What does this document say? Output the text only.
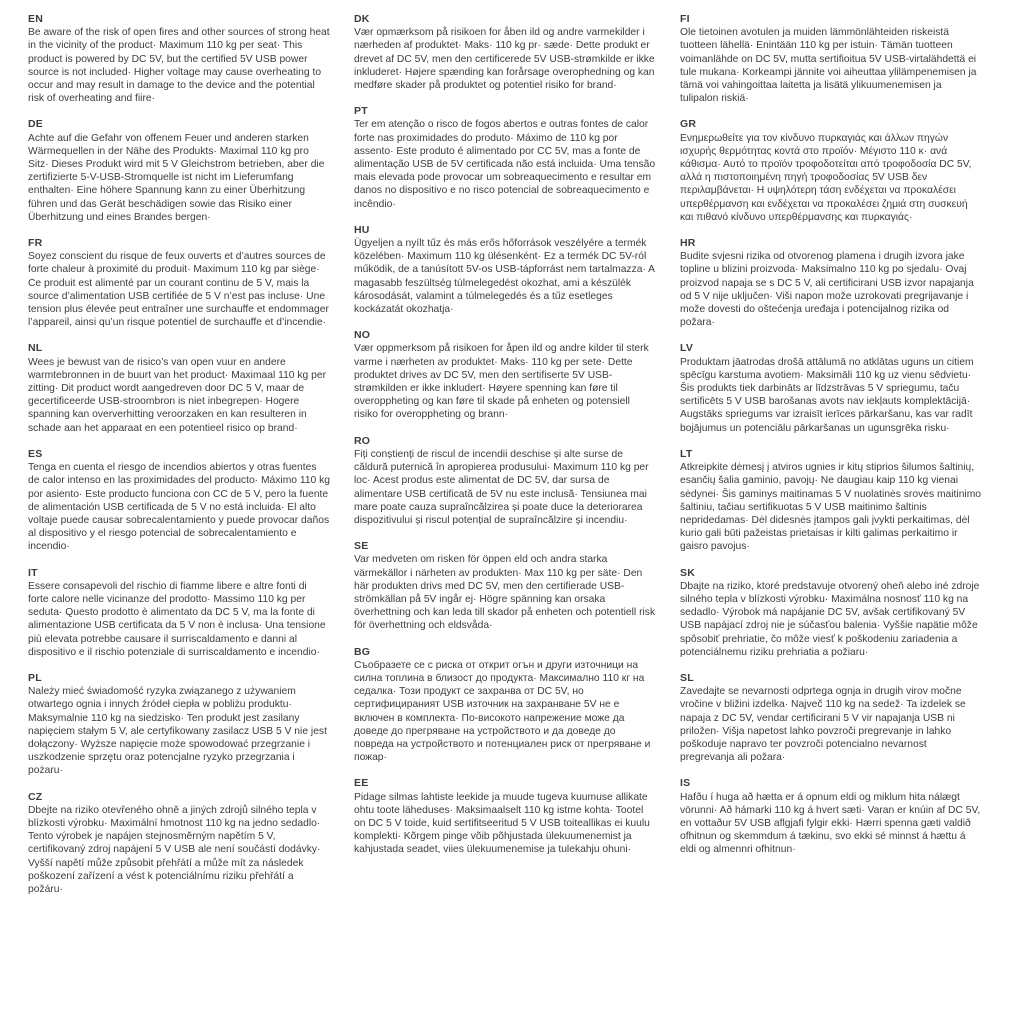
EN

Be aware of the risk of open fires and other sources of strong heat in the vicinity of the product· Maximum 110 kg per seat· This product is powered by DC 5V, but the certified 5V USB power source is not included· Higher voltage may cause overheating to occur and may result in damage to the device and the potential risk of overheating and fiire·

DE

Achte auf die Gefahr von offenem Feuer und anderen starken Wärmequellen in der Nähe des Produkts· Maximal 110 kg pro Sitz· Dieses Produkt wird mit 5 V Gleichstrom betrieben, aber die zertifizierte 5-V-USB-Stromquelle ist nicht im Lieferumfang enthalten· Eine höhere Spannung kann zu einer Überhitzung führen und das Gerät beschädigen sowie das Risiko einer Überhitzung und eines Brandes bergen·

FR

Soyez conscient du risque de feux ouverts et d’autres sources de forte chaleur à proximité du produit· Maximum 110 kg par siège· Ce produit est alimenté par un courant continu de 5 V, mais la source d’alimentation USB certifiée de 5 V n’est pas incluse· Une tension plus élevée peut entraîner une surchauffe et endommager l’appareil, ainsi qu’un risque potentiel de surchauffe et d’incendie·

NL

Wees je bewust van de risico’s van open vuur en andere warmtebronnen in de buurt van het product· Maximaal 110 kg per zitting· Dit product wordt aangedreven door DC 5 V, maar de gecertificeerde USB-stroombron is niet inbegrepen· Hogere spanning kan oververhitting veroorzaken en kan resulteren in schade aan het apparaat en een potentieel risico op brand·

ES

Tenga en cuenta el riesgo de incendios abiertos y otras fuentes de calor intenso en las proximidades del producto· Máximo 110 kg por asiento· Este producto funciona con CC de 5 V, pero la fuente de alimentación USB certificada de 5 V no está incluida· El alto voltaje puede causar sobrecalentamiento y puede provocar daños al dispositivo y el riesgo potencial de sobrecalentamiento e incendio·

IT

Essere consapevoli del rischio di fiamme libere e altre fonti di forte calore nelle vicinanze del prodotto· Massimo 110 kg per seduta· Questo prodotto è alimentato da DC 5 V, ma la fonte di alimentazione USB certificata da 5 V non è inclusa· Una tensione più elevata potrebbe causare il surriscaldamento e danni al dispositivo e il rischio potenziale di surriscaldamento e incendio·

PL

Należy mieć świadomość ryzyka związanego z używaniem otwartego ognia i innych źródeł ciepła w pobliżu produktu· Maksymalnie 110 kg na siedzisko· Ten produkt jest zasilany napięciem stałym 5 V, ale certyfikowany zasilacz USB 5 V nie jest dołączony· Wyższe napięcie może spowodować przegrzanie i uszkodzenie sprzętu oraz potencjalne ryzyko przegrzania i pożaru·

CZ

Dbejte na riziko otevřeného ohně a jiných zdrojů silného tepla v blízkosti výrobku· Maximální hmotnost 110 kg na jedno sedadlo· Tento výrobek je napájen stejnosměrným napětím 5 V, certifikovaný zdroj napájení 5 V USB ale není součástí dodávky· Vyšší napětí může způsobit přehřátí a může mít za následek poškození zařízení a vést k potenciálnímu riziku přehřátí a požáru·

DK

Vær opmærksom på risikoen for åben ild og andre varmekilder i nærheden af produktet· Maks· 110 kg pr· sæde· Dette produkt er drevet af DC 5V, men den certificerede 5V USB-strømkilde er ikke inkluderet· Højere spænding kan forårsage overophedning og kan medføre skader på produktet og potentiel risiko for brand·

PT

Ter em atenção o risco de fogos abertos e outras fontes de calor forte nas proximidades do produto· Máximo de 110 kg por assento· Este produto é alimentado por CC 5V, mas a fonte de alimentação USB de 5V certificada não está incluida· Uma tensão mais elevada pode provocar um sobreaquecimento e resultar em danos no dispositivo e no risco potencial de sobreaquecimento e incêndio·

HU

Ügyeljen a nyílt tűz és más erős hőforrások veszélyére a termék közelében· Maximum 110 kg ülésenként· Ez a termék DC 5V-ról működik, de a tanúsított 5V-os USB-tápforrást nem tartalmazza· A magasabb feszültség túlmelegedést okozhat, ami a készülék károsodását, valamint a túlmelegedés és a tűz esetleges kockázatát okozhatja·

NO

Vær oppmerksom på risikoen for åpen ild og andre kilder til sterk varme i nærheten av produktet· Maks· 110 kg per sete· Dette produktet drives av DC 5V, men den sertifiserte 5V USB-strømkilden er ikke inkludert· Høyere spenning kan føre til overoppheting og kan føre til skade på enheten og potensiell risiko for overoppheting og brann·

RO

Fiți conștienți de riscul de incendii deschise și alte surse de căldură puternică în apropierea produsului· Maximum 110 kg per loc· Acest produs este alimentat de DC 5V, dar sursa de alimentare USB certificată de 5V nu este inclusă· Tensiunea mai mare poate cauza supraîncălzirea și poate duce la deteriorarea dispozitivului și riscul potențial de supraîncălzire și incendiu·

SE

Var medveten om risken för öppen eld och andra starka värmekällor i närheten av produkten· Max 110 kg per säte· Den här produkten drivs med DC 5V, men den certifierade USB-strömkällan på 5V ingår ej· Högre spänning kan orsaka överhettning och kan leda till skador på enheten och potentiell risk för överhettning och eldsvåda·

BG

Съобразете се с риска от открит огън и други източници на силна топлина в близост до продукта· Максимално 110 кг на седалка· Този продукт се захранва от DC 5V, но сертифицираният USB източник на захранване 5V не е включен в комплекта· По-високото напрежение може да доведе до прегряване на устройството и да доведе до повреда на устройството и потенциален риск от прегряване и пожар·

EE

Pidage silmas lahtiste leekide ja muude tugeva kuumuse allikate ohtu toote läheduses· Maksimaalselt 110 kg istme kohta· Tootel on DC 5 V toide, kuid sertifitseeritud 5 V USB toiteallikas ei kuulu komplekti· Kõrgem pinge võib põhjustada ülekuumenemist ja kahjustada seadet, viies ülekuumenemise ja tulekahju ohuni·

FI

Ole tietoinen avotulen ja muiden lämmönlähteiden riskeistä tuotteen lähellä· Enintään 110 kg per istuin· Tämän tuotteen voimanlähde on DC 5V, mutta sertifioitua 5V USB-virtalähdettä ei tule mukana· Korkeampi jännite voi aiheuttaa ylilämpenemisen ja tämä voi vahingoittaa laitetta ja lisätä ylikuumenemisen ja tulipalon riskiä·

GR

Ενημερωθείτε για τον κίνδυνο πυρκαγιάς και άλλων πηγών ισχυρής θερμότητας κοντά στο προϊόν· Μέγιστο 110 κ· ανά κάθισμα· Αυτό το προϊόν τροφοδοτείται από τροφοδοσία DC 5V, αλλά η πιστοποιημένη πηγή τροφοδοσίας 5V USB δεν περιλαμβάνεται· Η υψηλότερη τάση ενδέχεται να προκαλέσει υπερθέρμανση και ενδέχεται να προκαλέσει ζημιά στη συσκευή και πιθανό κίνδυνο υπερθέρμανσης και πυρκαγιάς·

HR

Budite svjesni rizika od otvorenog plamena i drugih izvora jake topline u blizini proizvoda· Maksimalno 110 kg po sjedalu· Ovaj proizvod napaja se s DC 5 V, ali certificirani USB izvor napajanja od 5 V nije uključen· Viši napon može uzrokovati pregrijavanje i može dovesti do oštećenja uređaja i potencijalnog rizika od požara·

LV

Produktam jāatrodas drošā attālumā no atklātas uguns un citiem spēcīgu karstuma avotiem· Maksimāli 110 kg uz vienu sēdvietu· Šis produkts tiek darbināts ar līdzstrāvas 5 V spriegumu, taču sertificēts 5 V USB barošanas avots nav iekļauts komplektācijā· Augstāks spriegums var izraisīt ierīces pārkaršanu, kas var radīt bojājumus un potenciālu pārkaršanas un ugunsgrēka risku·

LT

Atkreipkite dėmesį į atviros ugnies ir kitų stiprios šilumos šaltinių, esančių šalia gaminio, pavojų· Ne daugiau kaip 110 kg vienai sėdynei· Šis gaminys maitinamas 5 V nuolatinės srovės maitinimo šaltiniu, tačiau sertifikuotas 5 V USB maitinimo šaltinis nepridedamas· Dėl didesnės įtampos gali įvykti perkaitimas, dėl kurio gali būti pažeistas prietaisas ir kilti galimas perkaitimo ir gaisro pavojus·

SK

Dbajte na riziko, ktoré predstavuje otvorený oheň alebo iné zdroje silného tepla v blízkosti výrobku· Maximálna nosnosť 110 kg na sedadlo· Výrobok má napájanie DC 5V, avšak certifikovaný 5V USB napájací zdroj nie je súčasťou balenia· Vyššie napätie môže spôsobiť prehriatie, čo môže viesť k poškodeniu zariadenia a potenciálnemu riziku prehriatia a požiaru·

SL

Zavedajte se nevarnosti odprtega ognja in drugih virov močne vročine v bližini izdelka· Največ 110 kg na sedež· Ta izdelek se napaja z DC 5V, vendar certificirani 5 V vir napajanja USB ni priložen· Višja napetost lahko povzroči pregrevanje in lahko poškoduje napravo ter povzroči potencialno nevarnost pregrevanja ali požara·

IS

Hafðu í huga að hætta er á opnum eldi og miklum hita nálægt vörunni· Að hámarki 110 kg á hvert sæti· Varan er knúin af DC 5V, en vottaður 5V USB aflgjafi fylgir ekki· Hærri spenna gæti valdið ofhitnun og skemmdum á tækinu, svo ekki sé minnst á hættu á eldi og almennri ofhitnun·
